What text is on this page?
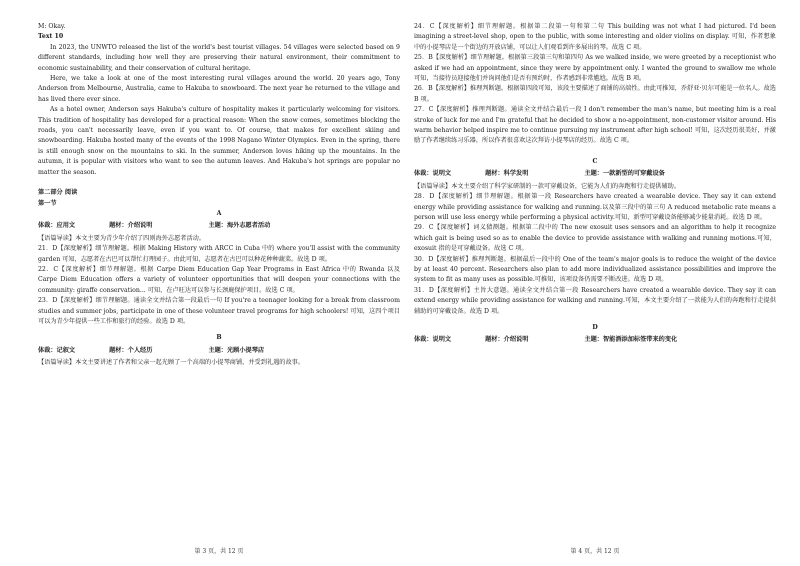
M: Okay.

Text 10

In 2023, the UNWTO released the list of the world's best tourist villages. 54 villages were selected based on 9 different standards, including how well they are preserving their natural environment, their commitment to economic sustainability, and their conservation of cultural heritage.

Here, we take a look at one of the most interesting rural villages around the world. 20 years ago, Tony Anderson from Melbourne, Australia, came to Hakuba to snowboard. The next year he returned to the village and has lived there ever since.

As a hotel owner, Anderson says Hakuba's culture of hospitality makes it particularly welcoming for visitors. This tradition of hospitality has developed for a practical reason: When the snow comes, sometimes blocking the roads, you can't necessarily leave, even if you want to. Of course, that makes for excellent skiing and snowboarding. Hakuba hosted many of the events of the 1998 Nagano Winter Olympics. Even in the spring, there is still enough snow on the mountains to ski. In the summer, Anderson loves hiking up the mountains. In the autumn, it is popular with visitors who want to see the autumn leaves. And Hakuba's hot springs are popular no matter the season.

第二部分 阅读

第一节

A

体裁：应用文	题材：介绍说明	主题：海外志愿者活动

【语篇导读】本文主要为青少年介绍了四则海外志愿者活动。

21．D【深度解析】细节理解题。根据 Making History with ARCC in Cuba 中的 where you'll assist with the community garden 可知，志愿者在古巴可以帮忙打理园子。由此可知，志愿者在古巴可以种花种种蔬菜。故选 D 项。

22．C【深度解析】细节理解题。根据 Carpe Diem Education Gap Year Programs in East Africa 中的 Rwanda 以及 Carpe Diem Education offers a variety of volunteer opportunities that will deepen your connections with the community: giraffe conservation... 可知，在卢旺达可以参与长颈鹿保护项目。故选 C 项。

23．D【深度解析】细节理解题。通读全文并结合第一段最后一句 If you're a teenager looking for a break from classroom studies and summer jobs, participate in one of these volunteer travel programs for high schoolers! 可知，这四个项目可以为青少年提供一些工作和旅行的经验。故选 D 项。

B

体裁：记叙文	题材：个人经历	主题：光顾小提琴店

【语篇导读】本文主要讲述了作者和父亲一起光顾了一个高端的小提琴商铺，并受到礼遇的故事。

24．C【深度解析】细节理解题。根据第二段第一句和第二句 This building was not what I had pictured. I'd been imagining a street-level shop, open to the public, with some interesting and older violins on display. 可知，作者想象中的小提琴店是一个街边的开放店铺，可以让人们观看到许多展出的琴。故选 C 项。

25．B【深度解析】细节理解题。根据第三段第三句和第四句 As we walked inside, we were greeted by a receptionist who asked if we had an appointment, since they were by appointment only. I wanted the ground to swallow me whole 可知，当接待员迎接他们并询问他们是否有预约时，作者感到非常尴尬。故选 B 项。

26．B【深度解析】推理判断题。根据第四段可知，该段主要描述了商铺的高端性。由此可推知，乔舒亚·贝尔可能是一位名人。故选 B 项。

27．C【深度解析】推理判断题。通读全文并结合最后一段 I don't remember the man's name, but meeting him is a real stroke of luck for me and I'm grateful that he decided to show a no-appointment, non-customer visitor around. His warm behavior helped inspire me to continue pursuing my instrument after high school! 可知，这次经历很美好，并激励了作者继续练习乐器，所以作者很喜欢这次拜访小提琴店的经历。故选 C 项。

C

体裁：说明文	题材：科学发明	主题：一款新型的可穿戴设备

【语篇导读】本文主要介绍了科学家研制的一款可穿戴设备，它能为人们的奔跑和行走提供辅助。

28．D【深度解析】细节理解题。根据第一段 Researchers have created a wearable device. They say it can extend energy while providing assistance for walking and running.以及第三段中的第三句 A reduced metabolic rate means a person will use less energy while performing a physical activity.可知，新型可穿戴设备能够减少能量消耗。故选 D 项。

29．C【深度解析】词义猜测题。根据第二段中的 The new exosuit uses sensors and an algorithm to help it recognize which gait is being used so as to enable the device to provide assistance with walking and running motions.可知，exosuit 指的是可穿戴设备。故选 C 项。

30．D【深度解析】推理判断题。根据最后一段中的 One of the team's major goals is to reduce the weight of the device by at least 40 percent. Researchers also plan to add more individualized assistance possibilities and improve the system to fit as many uses as possible.可推知，该项设备仍需要不断改进。故选 D 项。

31．D【深度解析】主旨大意题。通读全文并结合第一段 Researchers have created a wearable device. They say it can extend energy while providing assistance for walking and running.可知，本文主要介绍了一款能为人们的奔跑和行走提供辅助的可穿戴设备。故选 D 项。

D

体裁：说明文	题材：介绍说明	主题：智能酒添加标签带来的变化
第 3 页，共 12 页	第 4 页，共 12 页
